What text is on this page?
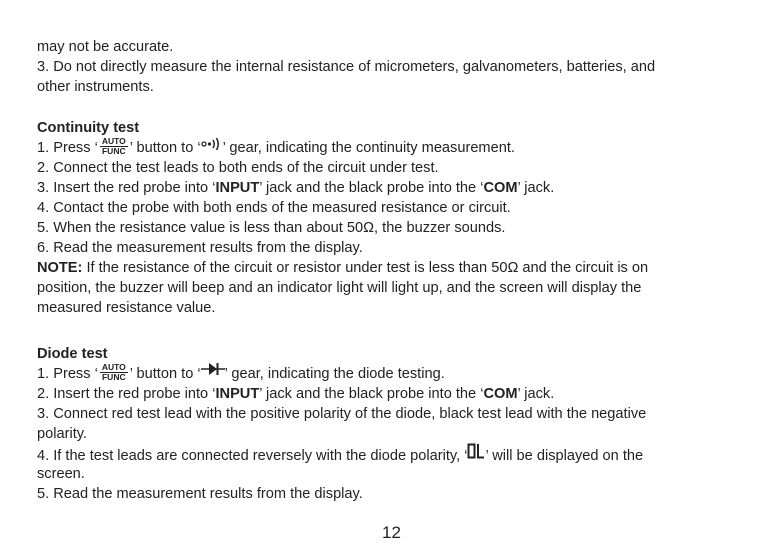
may not be accurate.
3. Do not directly measure the internal resistance of micrometers, galvanometers, batteries, and
other instruments.
Continuity test
1. Press ‘ AUTO
FUNC ’ button to ‘ ’ gear, indicating the continuity measurement.
2. Connect the test leads to both ends of the circuit under test.
3. Insert the red probe into ‘INPUT’ jack and the black probe into the ‘COM’ jack.
4. Contact the probe with both ends of the measured resistance or circuit.
5. When the resistance value is less than about 50Ω, the buzzer sounds.
6. Read the measurement results from the display.
NOTE: If the resistance of the circuit or resistor under test is less than 50Ω and the circuit is on
position, the buzzer will beep and an indicator light will light up, and the screen will display the
measured resistance value.
Diode test
1. Press ‘ AUTO
FUNC ’ button to ‘ ’ gear, indicating the diode testing.
2. Insert the red probe into ‘INPUT’ jack and the black probe into the ‘COM’ jack.
3. Connect red test lead with the positive polarity of the diode, black test lead with the negative
polarity.
4. If the test leads are connected reversely with the diode polarity, ‘ ’ will be displayed on the
screen.
5. Read the measurement results from the display.
12
